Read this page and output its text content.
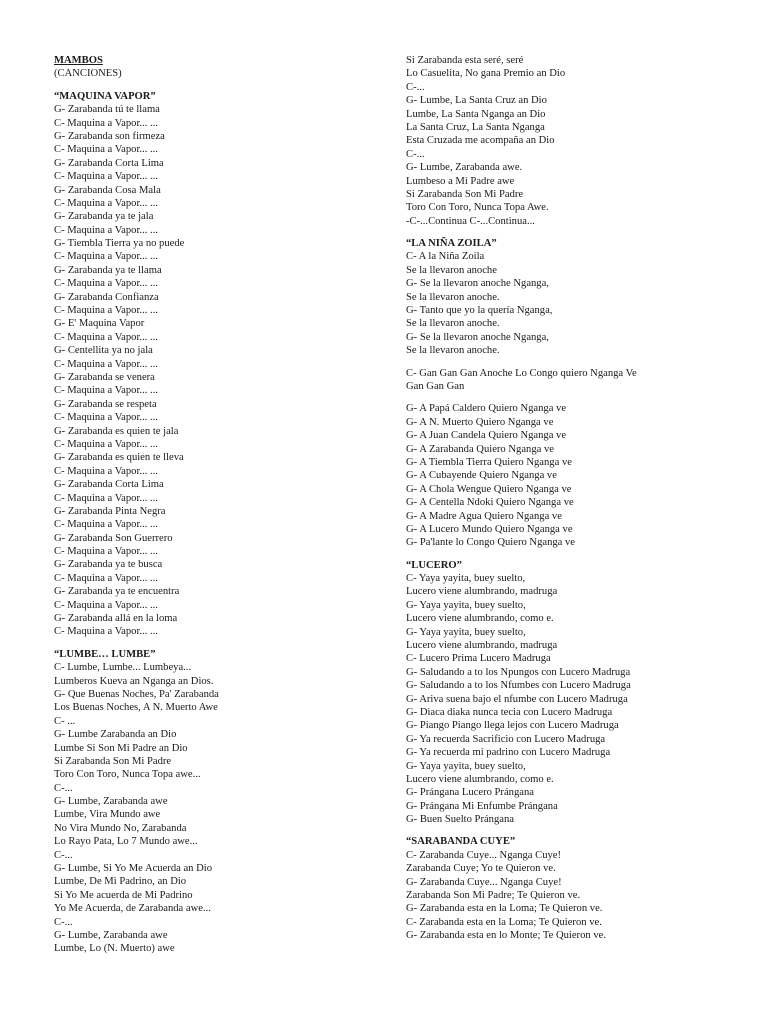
MAMBOS
(CANCIONES)
“MAQUINA VAPOR”
G- Zarabanda tú te llama
C- Maquina a Vapor... ...
G- Zarabanda son firmeza
C- Maquina a Vapor... ...
G- Zarabanda Corta Lima
C- Maquina a Vapor... ...
G- Zarabanda Cosa Mala
C- Maquina a Vapor... ...
G- Zarabanda ya te jala
C- Maquina a Vapor... ...
G- Tiembla Tierra ya no puede
C- Maquina a Vapor... ...
G- Zarabanda ya te llama
C- Maquina a Vapor... ...
G- Zarabanda Confianza
C- Maquina a Vapor... ...
G- E' Maquina Vapor
C- Maquina a Vapor... ...
G- Centellita ya no jala
C- Maquina a Vapor... ...
G- Zarabanda se venera
C- Maquina a Vapor... ...
G- Zarabanda se respeta
C- Maquina a Vapor... ...
G- Zarabanda es quien te jala
C- Maquina a Vapor... ...
G- Zarabanda es quien te lleva
C- Maquina a Vapor... ...
G- Zarabanda Corta Lima
C- Maquina a Vapor... ...
G- Zarabanda Pinta Negra
C- Maquina a Vapor... ...
G- Zarabanda Son Guerrero
C- Maquina a Vapor... ...
G- Zarabanda ya te busca
C- Maquina a Vapor... ...
G- Zarabanda ya te encuentra
C- Maquina a Vapor... ...
G- Zarabanda allá en la loma
C- Maquina a Vapor... ...
“LUMBE… LUMBE”
C- Lumbe, Lumbe... Lumbeya...
Lumberos Kueva an Nganga an Dios.
G- Que Buenas Noches, Pa' Zarabanda
Los Buenas Noches, A N. Muerto Awe
C- ...
G- Lumbe Zarabanda an Dio
Lumbe Si Son Mi Padre an Dio
Si Zarabanda Son Mi Padre
Toro Con Toro, Nunca Topa awe...
C-...
G- Lumbe, Zarabanda awe
Lumbe, Vira Mundo awe
No Vira Mundo No, Zarabanda
Lo Rayo Pata, Lo 7 Mundo awe...
C-...
G- Lumbe, Si Yo Me Acuerda an Dio
Lumbe, De Mi Padrino, an Dio
Si Yo Me acuerda de Mi Padrino
Yo Me Acuerda, de Zarabanda awe...
C-...
G- Lumbe, Zarabanda awe
Lumbe, Lo (N. Muerto) awe
Si Zarabanda esta seré, seré
Lo Casuelita, No gana Premio an Dio
C-...
G- Lumbe, La Santa Cruz an Dio
Lumbe, La Santa Nganga an Dio
La Santa Cruz, La Santa Nganga
Esta Cruzada me acompaña an Dio
C-...
G- Lumbe, Zarabanda awe.
Lumbeso a Mi Padre awe
Si Zarabanda Son Mi Padre
Toro Con Toro, Nunca Topa Awe.
-C-...Continua C-...Continua...
“LA NIÑA ZOILA”
C- A la Niña Zoila
Se la llevaron anoche
G- Se la llevaron anoche Nganga,
Se la llevaron anoche.
G- Tanto que yo la quería Nganga,
Se la llevaron anoche.
G- Se la llevaron anoche Nganga,
Se la llevaron anoche.
C- Gan Gan Gan Anoche Lo Congo quiero Nganga Ve
Gan Gan Gan
G- A Papá Caldero Quiero Nganga ve
G- A N. Muerto Quiero Nganga ve
G- A Juan Candela Quiero Nganga ve
G- A Zarabanda Quiero Nganga ve
G- A Tiembla Tierra Quiero Nganga ve
G- A Cubayende Quiero Nganga ve
G- A Chola Wengue Quiero Nganga ve
G- A Centella Ndoki Quiero Nganga ve
G- A Madre Agua Quiero Nganga ve
G- A Lucero Mundo Quiero Nganga ve
G- Pa'lante lo Congo Quiero Nganga ve
“LUCERO”
C- Yaya yayita, buey suelto,
Lucero viene alumbrando, madruga
G- Yaya yayita, buey suelto,
Lucero viene alumbrando, como e.
G- Yaya yayita, buey suelto,
Lucero viene alumbrando, madruga
C- Lucero Prima Lucero Madruga
G- Saludando a to los Npungos con Lucero Madruga
G- Saludando a to los Nfumbes con Lucero Madruga
G- Ariva suena bajo el nfumbe con Lucero Madruga
G- Diaca diaka nunca tecia con Lucero Madruga
G- Piango Piango llega lejos con Lucero Madruga
G- Ya recuerda Sacrificio con Lucero Madruga
G- Ya recuerda mi padrino con Lucero Madruga
G- Yaya yayita, buey suelto,
Lucero viene alumbrando, como e.
G- Prángana Lucero Prángana
G- Prángana Mi Enfumbe Prángana
G- Buen Suelto Prángana
“SARABANDA CUYE”
C- Zarabanda Cuye... Nganga Cuye!
Zarabanda Cuye; Yo te Quieron ve.
G- Zarabanda Cuye... Nganga Cuye!
Zarabanda Son Mi Padre; Te Quieron ve.
G- Zarabanda esta en la Loma; Te Quieron ve.
C- Zarabanda esta en la Loma; Te Quieron ve.
G- Zarabanda esta en lo Monte; Te Quieron ve.
